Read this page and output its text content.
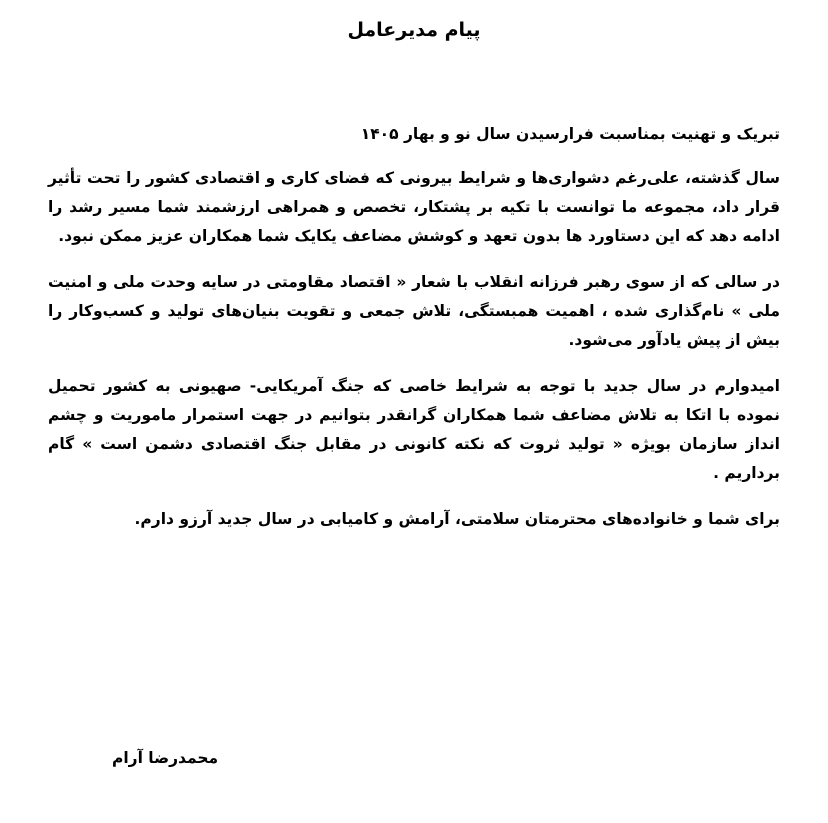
پیام مدیرعامل

تبریک و تهنیت بمناسبت فرارسیدن سال نو و بهار ۱۴۰۵

سال گذشته، علی‌رغم دشواری‌ها و شرایط بیرونی که فضای کاری و اقتصادی کشور را تحت تأثیر قرار داد، مجموعه ما توانست با تکیه بر پشتکار، تخصص و همراهی ارزشمند شما مسیر رشد را ادامه دهد که این دستاورد ها بدون تعهد و کوشش مضاعف یکایک شما همکاران عزیز ممکن نبود.

در سالی که از سوی رهبر فرزانه انقلاب با شعار « اقتصاد مقاومتی در سایه وحدت ملی و امنیت ملی » نام‌گذاری شده ، اهمیت همبستگی، تلاش جمعی و تقویت بنیان‌های تولید و کسب‌وکار را بیش از پیش یادآور می‌شود.

امیدوارم در سال جدید با توجه به شرایط خاصی که جنگ آمریکایی- صهیونی به کشور تحمیل نموده با اتکا به تلاش مضاعف شما همکاران گرانقدر بتوانیم در جهت استمرار ماموریت و چشم انداز سازمان بویژه « تولید ثروت که نکته کانونی در مقابل جنگ اقتصادی دشمن است » گام برداریم .

برای شما و خانواده‌های محترمتان سلامتی، آرامش و کامیابی در سال جدید آرزو دارم.

محمدرضا آرام
